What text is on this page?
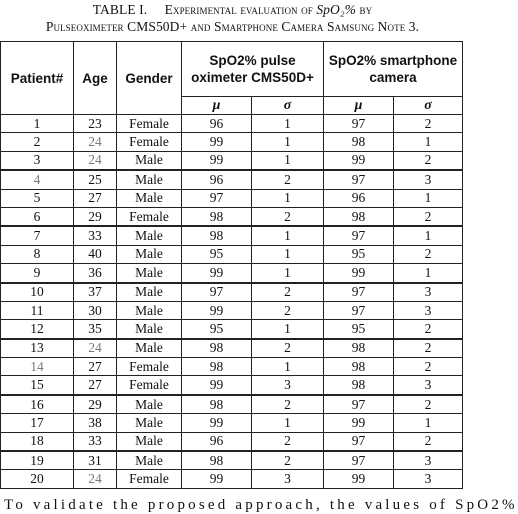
TABLE I. Experimental evaluation of SpO₂% by
Pulseoximeter CMS50D+ and Smartphone Camera Samsung Note 3.
Patient#	Age	Gender	SpO2% pulse oximeter CMS50D+		SpO2% smartphone camera	
			μ	σ	μ	σ
1	23	Female	96	1	97	2
2	24	Female	99	1	98	1
3	24	Male	99	1	99	2
4	25	Male	96	2	97	3
5	27	Male	97	1	96	1
6	29	Female	98	2	98	2
7	33	Male	98	1	97	1
8	40	Male	95	1	95	2
9	36	Male	99	1	99	1
10	37	Male	97	2	97	3
11	30	Male	99	2	97	3
12	35	Male	95	1	95	2
13	24	Male	98	2	98	2
14	27	Female	98	1	98	2
15	27	Female	99	3	98	3
16	29	Male	98	2	97	2
17	38	Male	99	1	99	1
18	33	Male	96	2	97	2
19	31	Male	98	2	97	3
20	24	Female	99	3	99	3
To validate the proposed approach, the values of SpO2%
